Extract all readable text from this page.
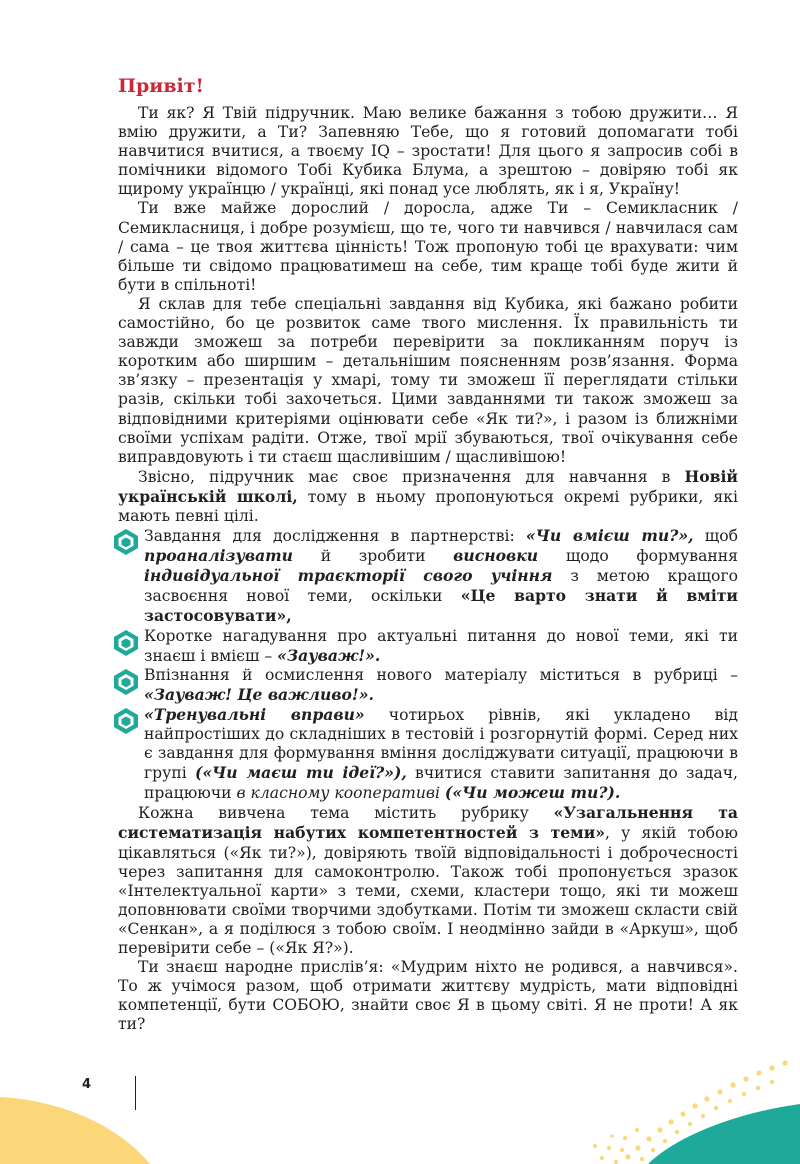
Привіт!

Ти як? Я Твій підручник. Маю велике бажання з тобою дружити… Я вмію дружити, а Ти? Запевняю Тебе, що я готовий допомагати тобі навчитися вчитися, а твоєму IQ – зростати! Для цього я запросив собі в помічники відомого Тобі Кубика Блума, а зрештою – довіряю тобі як щирому українцю / українці, які понад усе люблять, як і я, Україну!

Ти вже майже дорослий / доросла, адже Ти – Семикласник / Семикласниця, і добре розумієш, що те, чого ти навчився / навчилася сам / сама – це твоя життєва цінність! Тож пропоную тобі це врахувати: чим більше ти свідомо працюватимеш на себе, тим краще тобі буде жити й бути в спільноті!

Я склав для тебе спеціальні завдання від Кубика, які бажано робити самостійно, бо це розвиток саме твого мислення. Їх правильність ти завжди зможеш за потреби перевірити за покликанням поруч із коротким або ширшим – детальнішим поясненням розв’язання. Форма зв’язку – презентація у хмарі, тому ти зможеш її переглядати стільки разів, скільки тобі захочеться. Цими завданнями ти також зможеш за відповідними критеріями оцінювати себе «Як ти?», і разом із ближніми своїми успіхам радіти. Отже, твої мрії збуваються, твої очікування себе виправдовують і ти стаєш щасливішим / щасливішою!

Звісно, підручник має своє призначення для навчання в Новій українській школі, тому в ньому пропонуються окремі рубрики, які мають певні цілі.

Завдання для дослідження в партнерстві: «Чи вмієш ти?», щоб проаналізувати й зробити висновки щодо формування індивідуальної траєкторії свого учіння з метою кращого засвоєння нової теми, оскільки «Це варто знати й вміти застосовувати»,

Коротке нагадування про актуальні питання до нової теми, які ти знаєш і вмієш – «Зауваж!».

Впізнання й осмислення нового матеріалу міститься в рубриці – «Зауваж! Це важливо!».

«Тренувальні вправи» чотирьох рівнів, які укладено від найпростіших до складніших в тестовій і розгорнутій формі. Серед них є завдання для формування вміння досліджувати ситуації, працюючи в групі («Чи маєш ти ідеї?»), вчитися ставити запитання до задач, працюючи в класному кооперативі («Чи можеш ти?).

Кожна вивчена тема містить рубрику «Узагальнення та систематизація набутих компетентностей з теми», у якій тобою цікавляться («Як ти?»), довіряють твоїй відповідальності і доброчесності через запитання для самоконтролю. Також тобі пропонується зразок «Інтелектуальної карти» з теми, схеми, кластери тощо, які ти можеш доповнювати своїми творчими здобутками. Потім ти зможеш скласти свій «Сенкан», а я поділюся з тобою своїм. І неодмінно зайди в «Аркуш», щоб перевірити себе – («Як Я?»).

Ти знаєш народне прислів’я: «Мудрим ніхто не родився, а навчився». То ж учімося разом, щоб отримати життєву мудрість, мати відповідні компетенції, бути СОБОЮ, знайти своє Я в цьому світі. Я не проти! А як ти?

4
